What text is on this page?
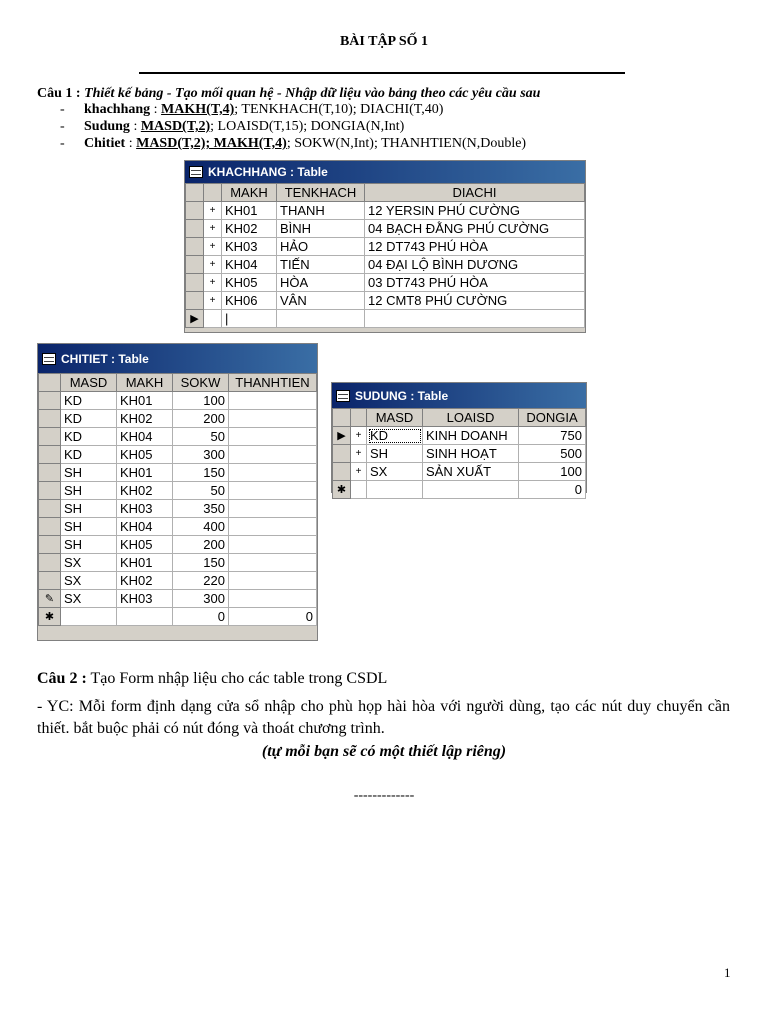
BÀI TẬP SỐ 1
Câu 1 : Thiết kế bảng - Tạo mối quan hệ - Nhập dữ liệu vào bảng theo các yêu cầu sau
- khachhang : MAKH(T,4); TENKHACH(T,10); DIACHI(T,40)
- Sudung : MASD(T,2); LOAISD(T,15); DONGIA(N,Int)
- Chitiet : MASD(T,2); MAKH(T,4); SOKW(N,Int); THANHTIEN(N,Double)
KHACHHANG : Table
		MAKH	TENKHACH	DIACHI
	+	KH01	THANH	12 YERSIN PHÚ CƯỜNG
	+	KH02	BÌNH	04 BẠCH ĐẰNG PHÚ CƯỜNG
	+	KH03	HẢO	12 DT743 PHÚ HÒA
	+	KH04	TIẾN	04 ĐẠI LỘ BÌNH DƯƠNG
	+	KH05	HÒA	03 DT743 PHÚ HÒA
	+	KH06	VÂN	12 CMT8 PHÚ CƯỜNG
▶		|		
CHITIET : Table
	MASD	MAKH	SOKW	THANHTIEN
	KD	KH01	100	
	KD	KH02	200	
	KD	KH04	50	
	KD	KH05	300	
	SH	KH01	150	
	SH	KH02	50	
	SH	KH03	350	
	SH	KH04	400	
	SH	KH05	200	
	SX	KH01	150	
	SX	KH02	220	
✎	SX	KH03	300	
✱			0	0
SUDUNG : Table
		MASD	LOAISD	DONGIA
▶	+	KD	KINH DOANH	750
	+	SH	SINH HOẠT	500
	+	SX	SẢN XUẤT	100
✱				0
Câu 2 : Tạo Form nhập liệu cho các table trong CSDL
- YC: Mỗi form định dạng cửa sổ nhập cho phù họp hài hòa với người dùng, tạo các nút duy chuyển cần thiết. bắt buộc phải có nút đóng và thoát chương trình.
(tự mỗi bạn sẽ có một thiết lập riêng)
-------------
1
